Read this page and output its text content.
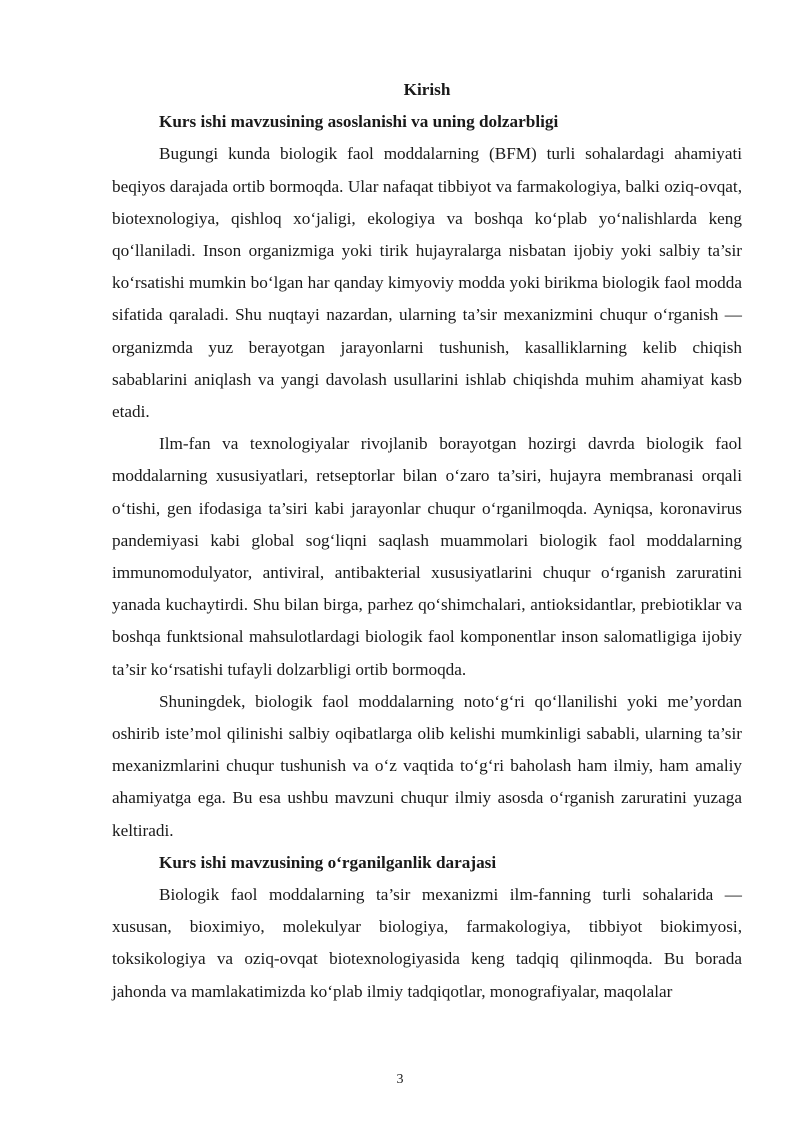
Kirish

Kurs ishi mavzusining asoslanishi va uning dolzarbligi

Bugungi kunda biologik faol moddalarning (BFM) turli sohalardagi ahamiyati beqiyos darajada ortib bormoqda. Ular nafaqat tibbiyot va farmakologiya, balki oziq-ovqat, biotexnologiya, qishloq xo‘jaligi, ekologiya va boshqa ko‘plab yo‘nalishlarda keng qo‘llaniladi. Inson organizmiga yoki tirik hujayralarga nisbatan ijobiy yoki salbiy ta’sir ko‘rsatishi mumkin bo‘lgan har qanday kimyoviy modda yoki birikma biologik faol modda sifatida qaraladi. Shu nuqtayi nazardan, ularning ta’sir mexanizmini chuqur o‘rganish — organizmda yuz berayotgan jarayonlarni tushunish, kasalliklarning kelib chiqish sabablarini aniqlash va yangi davolash usullarini ishlab chiqishda muhim ahamiyat kasb etadi.

Ilm-fan va texnologiyalar rivojlanib borayotgan hozirgi davrda biologik faol moddalarning xususiyatlari, retseptorlar bilan o‘zaro ta’siri, hujayra membranasi orqali o‘tishi, gen ifodasiga ta’siri kabi jarayonlar chuqur o‘rganilmoqda. Ayniqsa, koronavirus pandemiyasi kabi global sog‘liqni saqlash muammolari biologik faol moddalarning immunomodulyator, antiviral, antibakterial xususiyatlarini chuqur o‘rganish zaruratini yanada kuchaytirdi. Shu bilan birga, parhez qo‘shimchalari, antioksidantlar, prebiotiklar va boshqa funktsional mahsulotlardagi biologik faol komponentlar inson salomatligiga ijobiy ta’sir ko‘rsatishi tufayli dolzarbligi ortib bormoqda.

Shuningdek, biologik faol moddalarning noto‘g‘ri qo‘llanilishi yoki me’yordan oshirib iste’mol qilinishi salbiy oqibatlarga olib kelishi mumkinligi sababli, ularning ta’sir mexanizmlarini chuqur tushunish va o‘z vaqtida to‘g‘ri baholash ham ilmiy, ham amaliy ahamiyatga ega. Bu esa ushbu mavzuni chuqur ilmiy asosda o‘rganish zaruratini yuzaga keltiradi.

Kurs ishi mavzusining o‘rganilganlik darajasi

Biologik faol moddalarning ta’sir mexanizmi ilm-fanning turli sohalarida — xususan, bioximiyo, molekulyar biologiya, farmakologiya, tibbiyot biokimyosi, toksikologiya va oziq-ovqat biotexnologiyasida keng tadqiq qilinmoqda. Bu borada jahonda va mamlakatimizda ko‘plab ilmiy tadqiqotlar, monografiyalar, maqolalar

3
